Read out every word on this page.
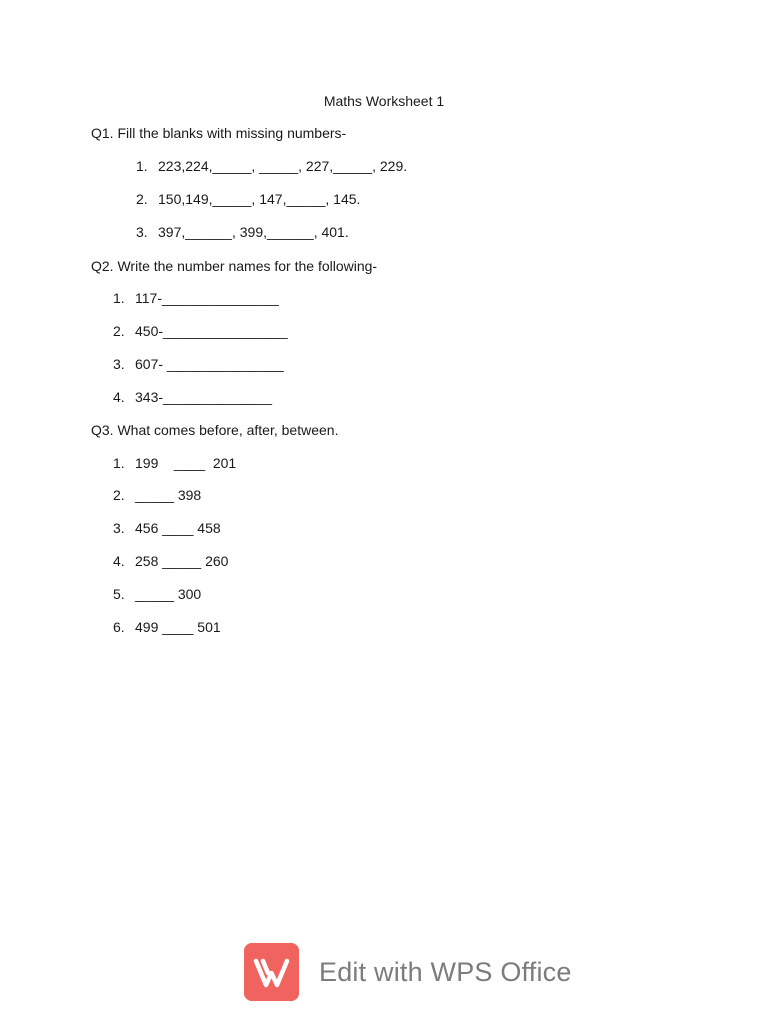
Maths Worksheet 1
Q1. Fill the blanks with missing numbers-
1. 223,224,_____, _____, 227,_____, 229.
2. 150,149,_____, 147,_____, 145.
3. 397,______, 399,______, 401.
Q2. Write the number names for the following-
1. 117-_______________
2. 450-________________
3. 607- _______________
4. 343-______________
Q3. What comes before, after, between.
1. 199    ____  201
2. _____ 398
3. 456 ____ 458
4. 258 _____ 260
5. _____ 300
6. 499 ____ 501
Edit with WPS Office
